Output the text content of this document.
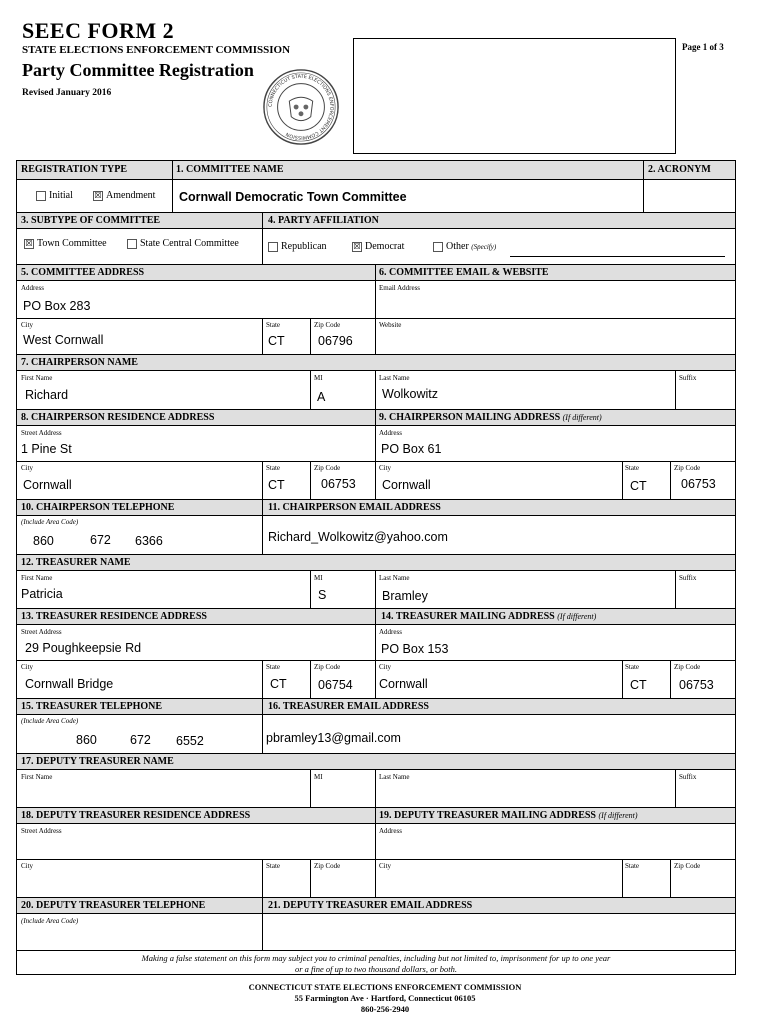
SEEC FORM 2
STATE ELECTIONS ENFORCEMENT COMMISSION
Party Committee Registration
Revised January 2016
CONNECTICUT STATE ELECTIONS ENFORCEMENT COMMISSION
Page 1 of 3
REGISTRATION TYPE
Initial	☒ Amendment
1. COMMITTEE NAME
Cornwall Democratic Town Committee
2. ACRONYM
3. SUBTYPE OF COMMITTEE
☒ Town Committee	State Central Committee
4. PARTY AFFILIATION
Republican	☒ Democrat	Other (Specify)
5. COMMITTEE ADDRESS
Address
PO Box 283
City
West Cornwall
State
CT
Zip Code
06796
6. COMMITTEE EMAIL & WEBSITE
Email Address
Website
7. CHAIRPERSON NAME
First Name
Richard
MI
A
Last Name
Wolkowitz
Suffix
8. CHAIRPERSON RESIDENCE ADDRESS
Street Address
1 Pine St
City
Cornwall
State
CT
Zip Code
06753
9. CHAIRPERSON MAILING ADDRESS (If different)
Address
PO Box 61
City
Cornwall
State
CT
Zip Code
06753
10. CHAIRPERSON TELEPHONE
(Include Area Code)
860	672 6366
11. CHAIRPERSON EMAIL ADDRESS
Richard_Wolkowitz@yahoo.com
12. TREASURER NAME
First Name
Patricia
MI
S
Last Name
Bramley
Suffix
13. TREASURER RESIDENCE ADDRESS
Street Address
29 Poughkeepsie Rd
City
Cornwall Bridge
State
CT
Zip Code
06754
14. TREASURER MAILING ADDRESS (If different)
Address
PO Box 153
City
Cornwall
State
CT
Zip Code
06753
15. TREASURER TELEPHONE
(Include Area Code)
860	672 6552
16. TREASURER EMAIL ADDRESS
pbramley13@gmail.com
17. DEPUTY TREASURER NAME
First Name	MI	Last Name	Suffix
18. DEPUTY TREASURER RESIDENCE ADDRESS
Street Address
City	State	Zip Code
19. DEPUTY TREASURER MAILING ADDRESS (If different)
Address
City	State	Zip Code
20. DEPUTY TREASURER TELEPHONE
(Include Area Code)
21. DEPUTY TREASURER EMAIL ADDRESS
Making a false statement on this form may subject you to criminal penalties, including but not limited to, imprisonment for up to one year
or a fine of up to two thousand dollars, or both.
CONNECTICUT STATE ELECTIONS ENFORCEMENT COMMISSION
55 Farmington Ave · Hartford, Connecticut 06105
860-256-2940
